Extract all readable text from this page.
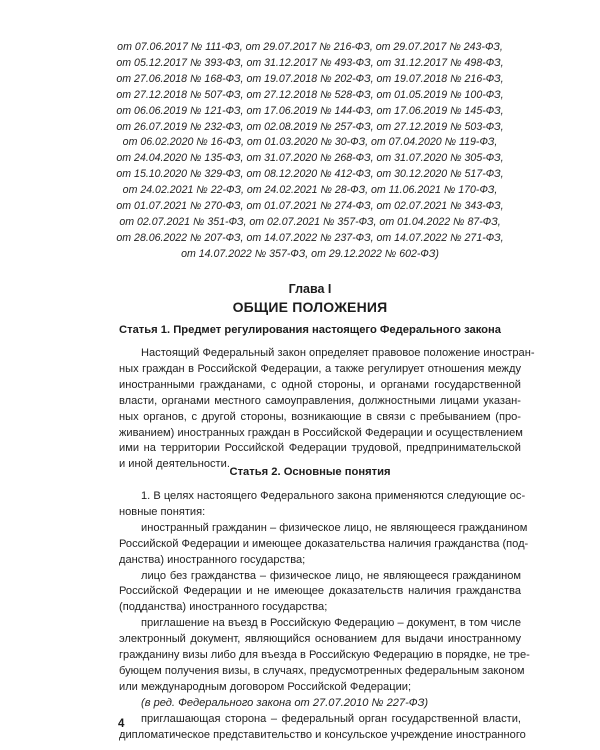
от 07.06.2017 № 111-ФЗ, от 29.07.2017 № 216-ФЗ, от 29.07.2017 № 243-ФЗ,
от 05.12.2017 № 393-ФЗ, от 31.12.2017 № 493-ФЗ, от 31.12.2017 № 498-ФЗ,
от 27.06.2018 № 168-ФЗ, от 19.07.2018 № 202-ФЗ, от 19.07.2018 № 216-ФЗ,
от 27.12.2018 № 507-ФЗ, от 27.12.2018 № 528-ФЗ, от 01.05.2019 № 100-ФЗ,
от 06.06.2019 № 121-ФЗ, от 17.06.2019 № 144-ФЗ, от 17.06.2019 № 145-ФЗ,
от 26.07.2019 № 232-ФЗ, от 02.08.2019 № 257-ФЗ, от 27.12.2019 № 503-ФЗ,
от 06.02.2020 № 16-ФЗ, от 01.03.2020 № 30-ФЗ, от 07.04.2020 № 119-ФЗ,
от 24.04.2020 № 135-ФЗ, от 31.07.2020 № 268-ФЗ, от 31.07.2020 № 305-ФЗ,
от 15.10.2020 № 329-ФЗ, от 08.12.2020 № 412-ФЗ, от 30.12.2020 № 517-ФЗ,
от 24.02.2021 № 22-ФЗ, от 24.02.2021 № 28-ФЗ, от 11.06.2021 № 170-ФЗ,
от 01.07.2021 № 270-ФЗ, от 01.07.2021 № 274-ФЗ, от 02.07.2021 № 343-ФЗ,
от 02.07.2021 № 351-ФЗ, от 02.07.2021 № 357-ФЗ, от 01.04.2022 № 87-ФЗ,
от 28.06.2022 № 207-ФЗ, от 14.07.2022 № 237-ФЗ, от 14.07.2022 № 271-ФЗ,
от 14.07.2022 № 357-ФЗ, от 29.12.2022 № 602-ФЗ)
Глава I
ОБЩИЕ ПОЛОЖЕНИЯ
Статья 1. Предмет регулирования настоящего Федерального закона
Настоящий Федеральный закон определяет правовое положение иностран-
ных граждан в Российской Федерации, а также регулирует отношения между
иностранными гражданами, с одной стороны, и органами государственной
власти, органами местного самоуправления, должностными лицами указан-
ных органов, с другой стороны, возникающие в связи с пребыванием (про-
живанием) иностранных граждан в Российской Федерации и осуществлением
ими на территории Российской Федерации трудовой, предпринимательской
и иной деятельности.
Статья 2. Основные понятия
1. В целях настоящего Федерального закона применяются следующие ос-
новные понятия:
иностранный гражданин – физическое лицо, не являющееся гражданином
Российской Федерации и имеющее доказательства наличия гражданства (под-
данства) иностранного государства;
лицо без гражданства – физическое лицо, не являющееся гражданином
Российской Федерации и не имеющее доказательств наличия гражданства
(подданства) иностранного государства;
приглашение на въезд в Российскую Федерацию – документ, в том числе
электронный документ, являющийся основанием для выдачи иностранному
гражданину визы либо для въезда в Российскую Федерацию в порядке, не тре-
бующем получения визы, в случаях, предусмотренных федеральным законом
или международным договором Российской Федерации;
(в ред. Федерального закона от 27.07.2010 № 227-ФЗ)
приглашающая сторона – федеральный орган государственной власти,
дипломатическое представительство и консульское учреждение иностранного
4
